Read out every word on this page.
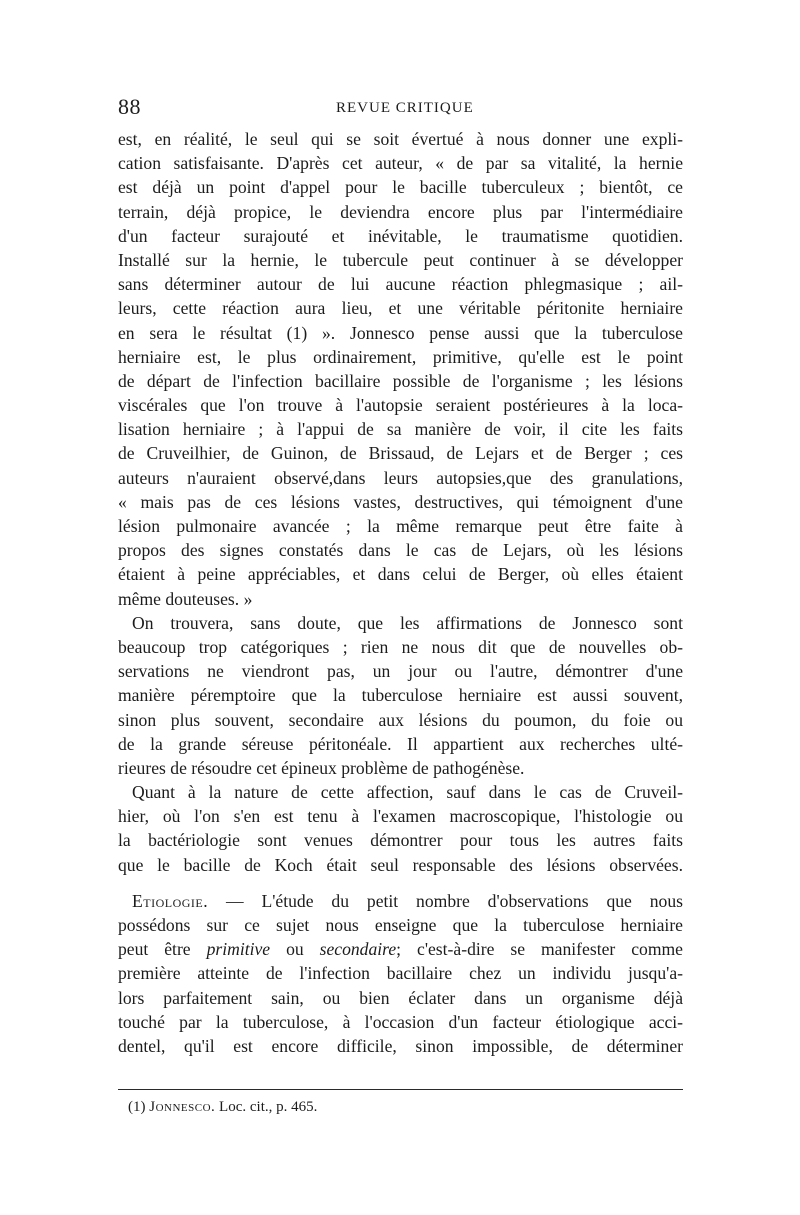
88	REVUE CRITIQUE
est, en réalité, le seul qui se soit évertué à nous donner une expli-
cation satisfaisante. D'après cet auteur, « de par sa vitalité, la hernie
est déjà un point d'appel pour le bacille tuberculeux ; bientôt, ce
terrain, déjà propice, le deviendra encore plus par l'intermédiaire
d'un facteur surajouté et inévitable, le traumatisme quotidien.
Installé sur la hernie, le tubercule peut continuer à se développer
sans déterminer autour de lui aucune réaction phlegmasique ; ail-
leurs, cette réaction aura lieu, et une véritable péritonite herniaire
en sera le résultat (1) ». Jonnesco pense aussi que la tuberculose
herniaire est, le plus ordinairement, primitive, qu'elle est le point
de départ de l'infection bacillaire possible de l'organisme ; les lésions
viscérales que l'on trouve à l'autopsie seraient postérieures à la loca-
lisation herniaire ; à l'appui de sa manière de voir, il cite les faits
de Cruveilhier, de Guinon, de Brissaud, de Lejars et de Berger ; ces
auteurs n'auraient observé,dans leurs autopsies,que des granulations,
« mais pas de ces lésions vastes, destructives, qui témoignent d'une
lésion pulmonaire avancée ; la même remarque peut être faite à
propos des signes constatés dans le cas de Lejars, où les lésions
étaient à peine appréciables, et dans celui de Berger, où elles étaient
même douteuses. »
On trouvera, sans doute, que les affirmations de Jonnesco sont
beaucoup trop catégoriques ; rien ne nous dit que de nouvelles ob-
servations ne viendront pas, un jour ou l'autre, démontrer d'une
manière péremptoire que la tuberculose herniaire est aussi souvent,
sinon plus souvent, secondaire aux lésions du poumon, du foie ou
de la grande séreuse péritonéale. Il appartient aux recherches ulté-
rieures de résoudre cet épineux problème de pathogénèse.
Quant à la nature de cette affection, sauf dans le cas de Cruveil-
hier, où l'on s'en est tenu à l'examen macroscopique, l'histologie ou
la bactériologie sont venues démontrer pour tous les autres faits
que le bacille de Koch était seul responsable des lésions observées.
Etiologie. — L'étude du petit nombre d'observations que nous
possédons sur ce sujet nous enseigne que la tuberculose herniaire
peut être primitive ou secondaire; c'est-à-dire se manifester comme
première atteinte de l'infection bacillaire chez un individu jusqu'a-
lors parfaitement sain, ou bien éclater dans un organisme déjà
touché par la tuberculose, à l'occasion d'un facteur étiologique acci-
dentel, qu'il est encore difficile, sinon impossible, de déterminer
(1) Jonnesco. Loc. cit., p. 465.
